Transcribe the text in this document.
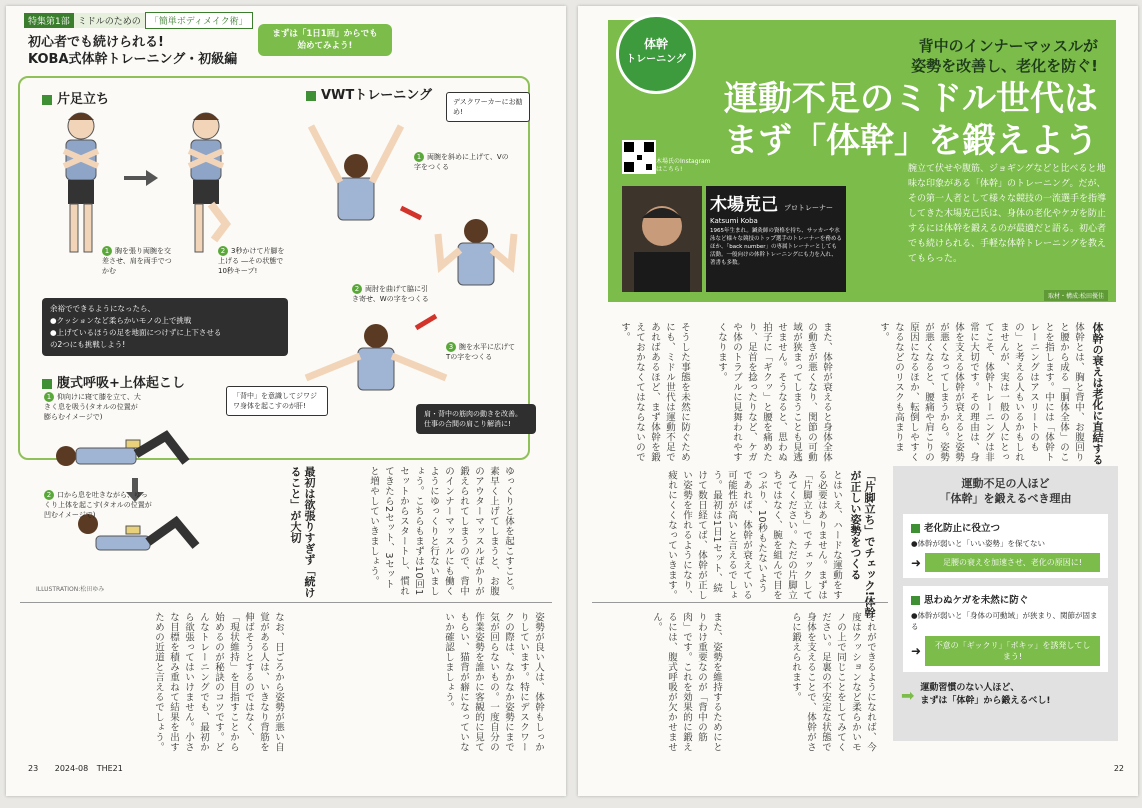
特集第1部 ミドルのための 「簡単ボディメイク術」
初心者でも続けられる!
KOBA式体幹トレーニング・初級編
まずは「1日1回」からでも
始めてみよう!
片足立ち
1 胸を張り両腕を交差させ、肩を両手でつかむ
2 3秒かけて片脚を上げる ―その状態で10秒キープ!
余裕でできるようになったら、
●クッションなど柔らかいモノの上で挑戦
●上げているほうの足を地面につけずに上下させる
の2つにも挑戦しよう!
VWTトレーニング	デスクワーカーにお勧め!
1 両腕を斜めに上げて、Vの字をつくる
2 両肘を曲げて脇に引き寄せ、Wの字をつくる
3 腕を水平に広げてTの字をつくる
肩・背中の筋肉の動きを改善。仕事の合間の肩こり解消に!
腹式呼吸+上体起こし
1 仰向けに寝て膝を立て、大きく息を吸う(タオルの位置が膨らむイメージで)
「背中」を意識してジワジワ身体を起こすのが肝!
2 口から息を吐きながら、ゆっくり上体を起こす(タオルの位置が凹むイメージで)
ILLUSTRATION:松田ゆみ	最初は欲張りすぎず「続けること」が大切	ゆっくりと体を起こすこと。素早く上げてしまうと、お腹のアウターマッスルばかりが鍛えられてしまうので、背中のインナーマッスルにも働くようにゆっくりと行ないましょう。こちらもまずは10回1セットからスタートし、慣れてきたら2セット、3セットと増やしていきましょう。
姿勢が良い人は、体幹もしっかりしています。特にデスクワークの際は、なかなか姿勢にまで気が回らないもの。一度自分の作業姿勢を誰かに客観的に見てもらい、猫背が癖になっていないか確認しましょう。
なお、日ごろから姿勢が悪い自覚がある人は、いきなり背筋を伸ばそうとするのではなく、「現状維持」を目指すことから始めるのが秘訣のコツです。どんなトレーニングでも、最初から欲張ってはいけません。小さな目標を積み重ねて結果を出すための近道と言えるでしょう。
23 2024-08 THE21
体幹
トレーニング
背中のインナーマッスルが
姿勢を改善し、老化を防ぐ!
運動不足のミドル世代は
まず「体幹」を鍛えよう
木場氏のInstagramはこちら!
木場克己 プロトレーナー
Katsumi Koba
1965年生まれ。鍼灸師の資格を持ち、サッカーや水泳など様々な競技のトップ選手のトレーナーを務めるほか、「back number」の専属トレーナーとしても活動。一般向けの体幹トレーニングにも力を入れ、著書も多数。
腕立て伏せや腹筋、ジョギングなどと比べると地味な印象がある「体幹」のトレーニング。だが、その第一人者として様々な競技の一流選手を指導してきた木場克己氏は、身体の老化やケガを防止するには体幹を鍛えるのが最適だと語る。初心者でも続けられる、手軽な体幹トレーニングを教えてもらった。
取材・構成:松田優佳
体幹の衰えは老化に直結する
体幹とは、胸と背中、お腹回りと腰から成る「胴体全体」のことを指します。中には「体幹トレーニングはアスリートのもの」と考える人もいるかもしれませんが、実は一般の人にとってこそ、体幹トレーニングは非常に大切です。その理由は、身体を支える体幹が衰えると姿勢が悪くなってしまうから。姿勢が悪くなると、腰痛や肩こりの原因になるほか、転倒しやすくなるなどのリスクも高まります。
また、体幹が衰えると身体全体の動きが悪くなり、関節の可動域が狭まってしまうことも見逃せません。そうなると、思わぬ拍子に「ギクッ」と腰を痛めたり、足首を捻ったりなど、ケガや体のトラブルに見舞われやすくなります。
そうした事態を未然に防ぐためにも、ミドル世代は運動不足であればあるほど、まず体幹を鍛えておかなくてはならないのです。
「片脚立ち」でチェック!体幹が正しい姿勢をつくる
とはいえ、ハードな運動をする必要はありません。まずは「片脚立ち」でチェックしてみてください。ただの片脚立ちではなく、腕を組んで目をつぶり、10秒もたないようであれば、体幹が衰えている可能性が高いと言えるでしょう。最初は1日1セット、続けて数日経てば、体幹が正しい姿勢を作れるようになり、疲れにくくなっていきます。
それができるようになれば、今度はクッションなど柔らかいモノの上で同じことをしてみてください。足裏の不安定な状態で身体を支えることで、体幹がさらに鍛えられます。
また、姿勢を維持するためにとりわけ重要なのが「背中の筋肉」です。これを効果的に鍛えるには、腹式呼吸が欠かせません。
運動不足の人ほど
「体幹」を鍛えるべき理由
老化防止に役立つ
●体幹が弱いと「いい姿勢」を保てない
➜	足腰の衰えを加速させ、老化の原因に!
思わぬケガを未然に防ぐ
●体幹が弱いと「身体の可動域」が狭まり、関節が固まる
➜	不意の「ギックリ」「ポキッ」を誘発してしまう!
➡ 運動習慣のない人ほど、
まずは「体幹」から鍛えるべし!
22
